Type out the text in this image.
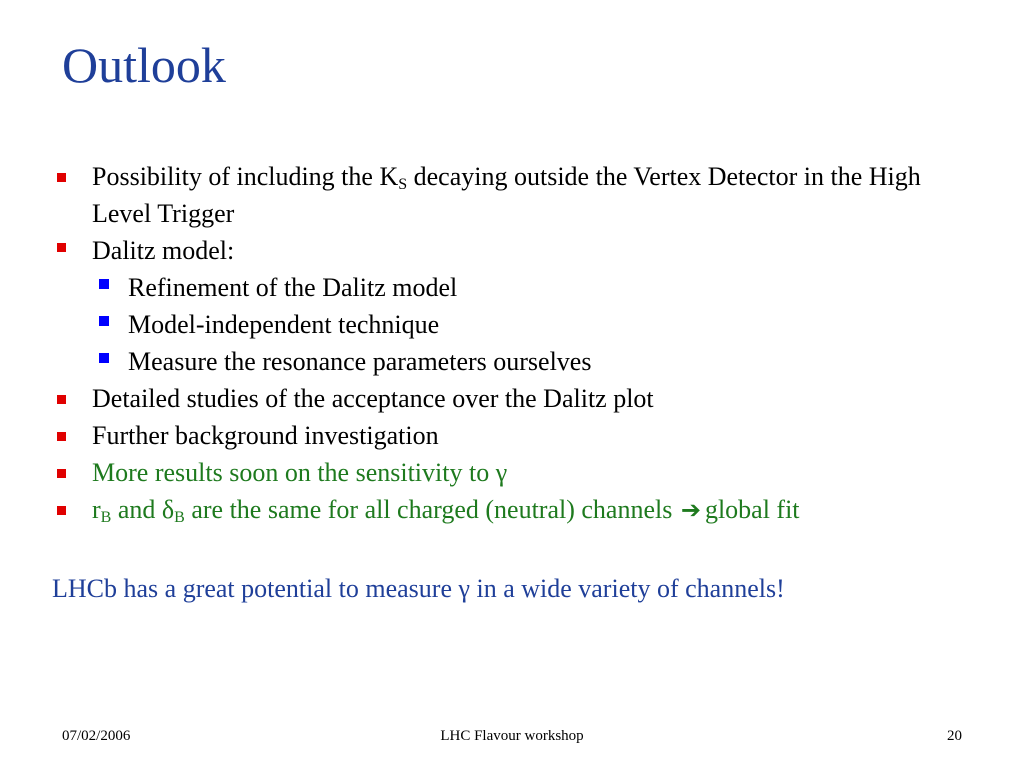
Outlook
Possibility of including the $K_S$ decaying outside the Vertex Detector in the High Level Trigger
Dalitz model:
Refinement of the Dalitz model
Model-independent technique
Measure the resonance parameters ourselves
Detailed studies of the acceptance over the Dalitz plot
Further background investigation
More results soon on the sensitivity to γ
$r_B$ and $\delta_B$ are the same for all charged (neutral) channels ➔ global fit
LHCb has a great potential to measure γ in a wide variety of channels!
07/02/2006	LHC Flavour workshop	20
